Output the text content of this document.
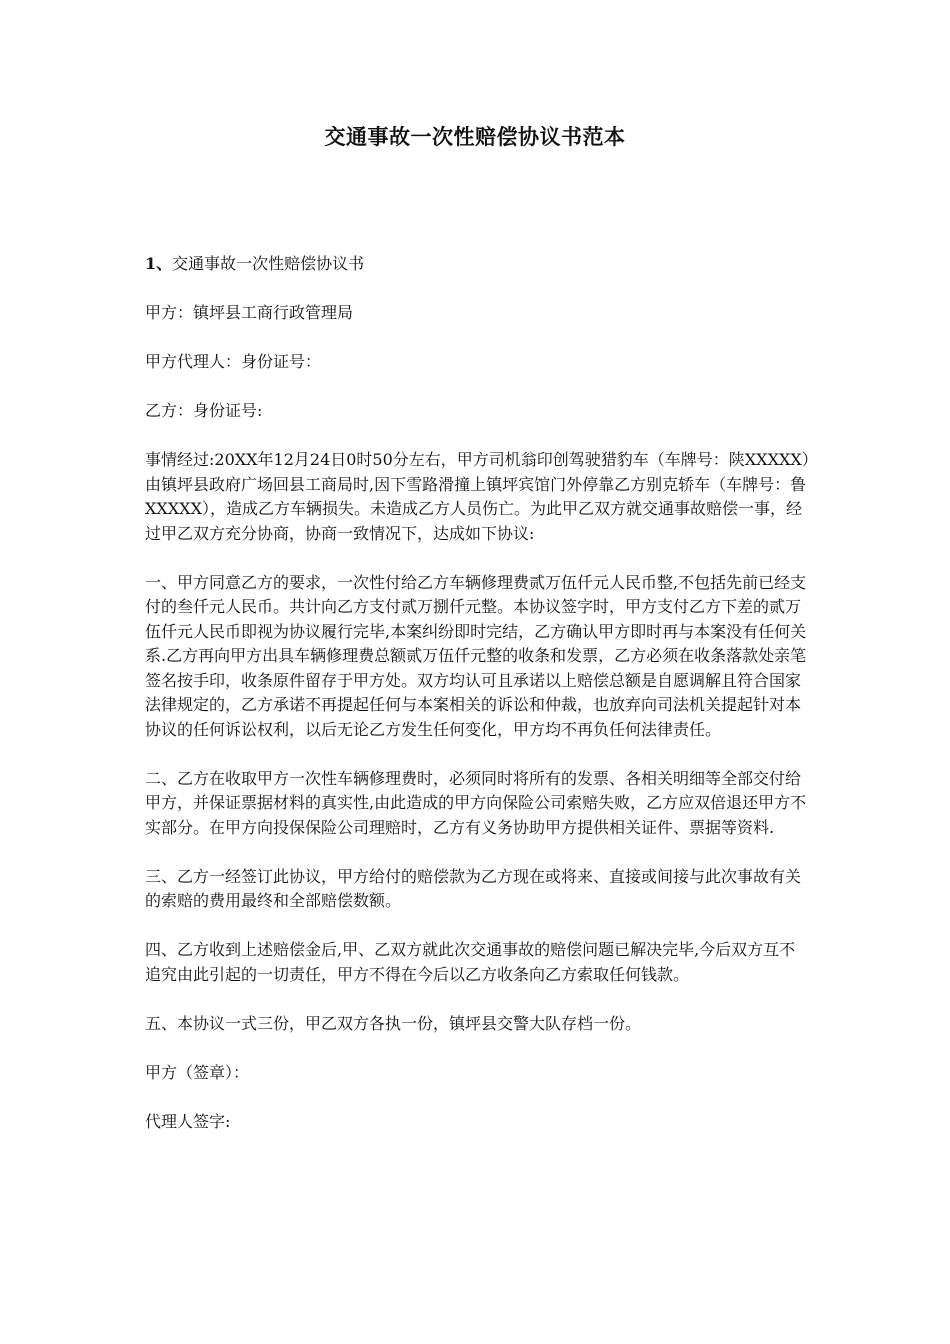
交通事故一次性赔偿协议书范本

1、交通事故一次性赔偿协议书

甲方：镇坪县工商行政管理局

甲方代理人：身份证号：

乙方：身份证号:

事情经过:20XX年12月24日0时50分左右，甲方司机翁印创驾驶猎豹车（车牌号：陕XXXXX）由镇坪县政府广场回县工商局时,因下雪路滑撞上镇坪宾馆门外停靠乙方别克轿车（车牌号：鲁XXXXX），造成乙方车辆损失。未造成乙方人员伤亡。为此甲乙双方就交通事故赔偿一事，经过甲乙双方充分协商，协商一致情况下，达成如下协议:

一、甲方同意乙方的要求，一次性付给乙方车辆修理费贰万伍仟元人民币整,不包括先前已经支付的叁仟元人民币。共计向乙方支付贰万捌仟元整。本协议签字时，甲方支付乙方下差的贰万伍仟元人民币即视为协议履行完毕,本案纠纷即时完结，乙方确认甲方即时再与本案没有任何关系.乙方再向甲方出具车辆修理费总额贰万伍仟元整的收条和发票，乙方必须在收条落款处亲笔签名按手印，收条原件留存于甲方处。双方均认可且承诺以上赔偿总额是自愿调解且符合国家法律规定的，乙方承诺不再提起任何与本案相关的诉讼和仲裁，也放弃向司法机关提起针对本协议的任何诉讼权利，以后无论乙方发生任何变化，甲方均不再负任何法律责任。

二、乙方在收取甲方一次性车辆修理费时，必须同时将所有的发票、各相关明细等全部交付给甲方，并保证票据材料的真实性,由此造成的甲方向保险公司索赔失败，乙方应双倍退还甲方不实部分。在甲方向投保保险公司理赔时，乙方有义务协助甲方提供相关证件、票据等资料.

三、乙方一经签订此协议，甲方给付的赔偿款为乙方现在或将来、直接或间接与此次事故有关的索赔的费用最终和全部赔偿数额。

四、乙方收到上述赔偿金后,甲、乙双方就此次交通事故的赔偿问题已解决完毕,今后双方互不追究由此引起的一切责任，甲方不得在今后以乙方收条向乙方索取任何钱款。

五、本协议一式三份，甲乙双方各执一份，镇坪县交警大队存档一份。

甲方（签章）：

代理人签字:
